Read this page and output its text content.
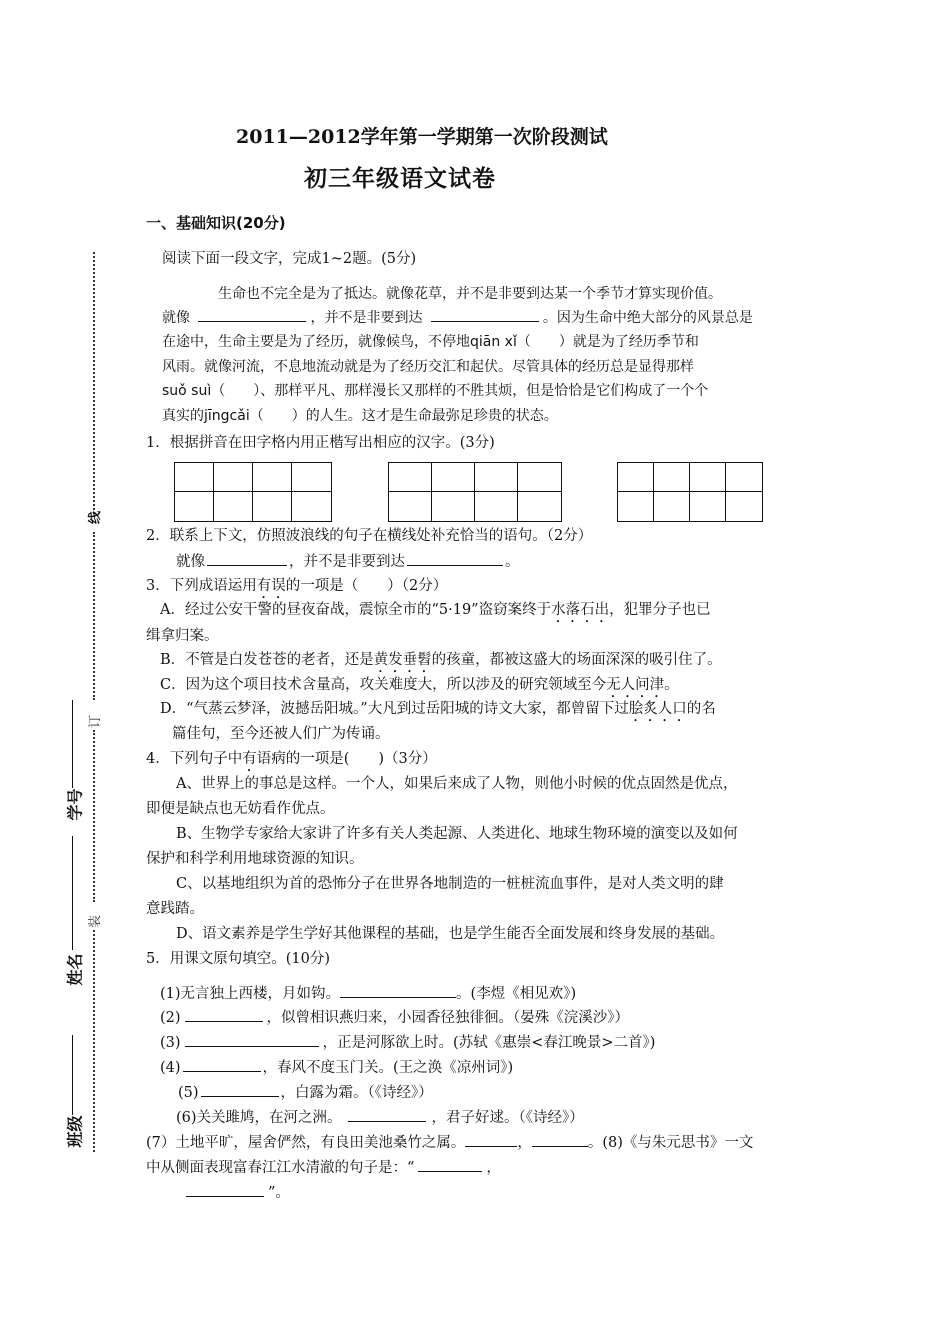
2011—2012学年第一学期第一次阶段测试
初三年级语文试卷
一、基础知识(20分)
阅读下面一段文字，完成1~2题。(5分)
生命也不完全是为了抵达。就像花草，并不是非要到达某一个季节才算实现价值。
就像	，并不是非要到达	。因为生命中绝大部分的风景总是
在途中，生命主要是为了经历，就像候鸟，不停地qiān xǐ（　　）就是为了经历季节和
风雨。就像河流，不息地流动就是为了经历交汇和起伏。尽管具体的经历总是显得那样
suǒ suì（　　）、那样平凡、那样漫长又那样的不胜其烦，但是恰恰是它们构成了一个个
真实的jīngcǎi（　　）的人生。这才是生命最弥足珍贵的状态。
1．根据拼音在田字格内用正楷写出相应的汉字。(3分)
2．联系上下文，仿照波浪线的句子在横线处补充恰当的语句。（2分）
就像	，并不是非要到达	。
3．下列成语运用有误的一项是（　　）（2分）
A．经过公安干警的昼夜奋战，震惊全市的“5·19”盗窃案终于水落石出，犯罪分子也已
缉拿归案。
B．不管是白发苍苍的老者，还是黄发垂髫的孩童，都被这盛大的场面深深的吸引住了。
C．因为这个项目技术含量高，攻关难度大，所以涉及的研究领域至今无人问津。
D．“气蒸云梦泽，波撼岳阳城。”大凡到过岳阳城的诗文大家，都曾留下过脍炙人口的名
篇佳句，至今还被人们广为传诵。
4．下列句子中有语病的一项是(　　)（3分）
A、世界上的事总是这样。一个人，如果后来成了人物，则他小时候的优点固然是优点，
即便是缺点也无妨看作优点。
B、生物学专家给大家讲了许多有关人类起源、人类进化、地球生物环境的演变以及如何
保护和科学利用地球资源的知识。
C、以基地组织为首的恐怖分子在世界各地制造的一桩桩流血事件，是对人类文明的肆
意践踏。
D、语文素养是学生学好其他课程的基础，也是学生能否全面发展和终身发展的基础。
5．用课文原句填空。(10分)
(1)无言独上西楼，月如钩。	。(李煜《相见欢》)
(2)	，似曾相识燕归来，小园香径独徘徊。（晏殊《浣溪沙》）
(3)	，正是河豚欲上时。(苏轼《惠崇<春江晚景>二首》)
(4)	，春风不度玉门关。(王之涣《凉州词》)
(5)	，白露为霜。（《诗经》）
(6)关关雎鸠，在河之洲。	，君子好逑。（《诗经》）
(7）土地平旷，屋舍俨然，有良田美池桑竹之属。	，	。(8)《与朱元思书》一文
中从侧面表现富春江江水清澈的句子是：“	，
”。
线
订
装
学号
姓名
班级
